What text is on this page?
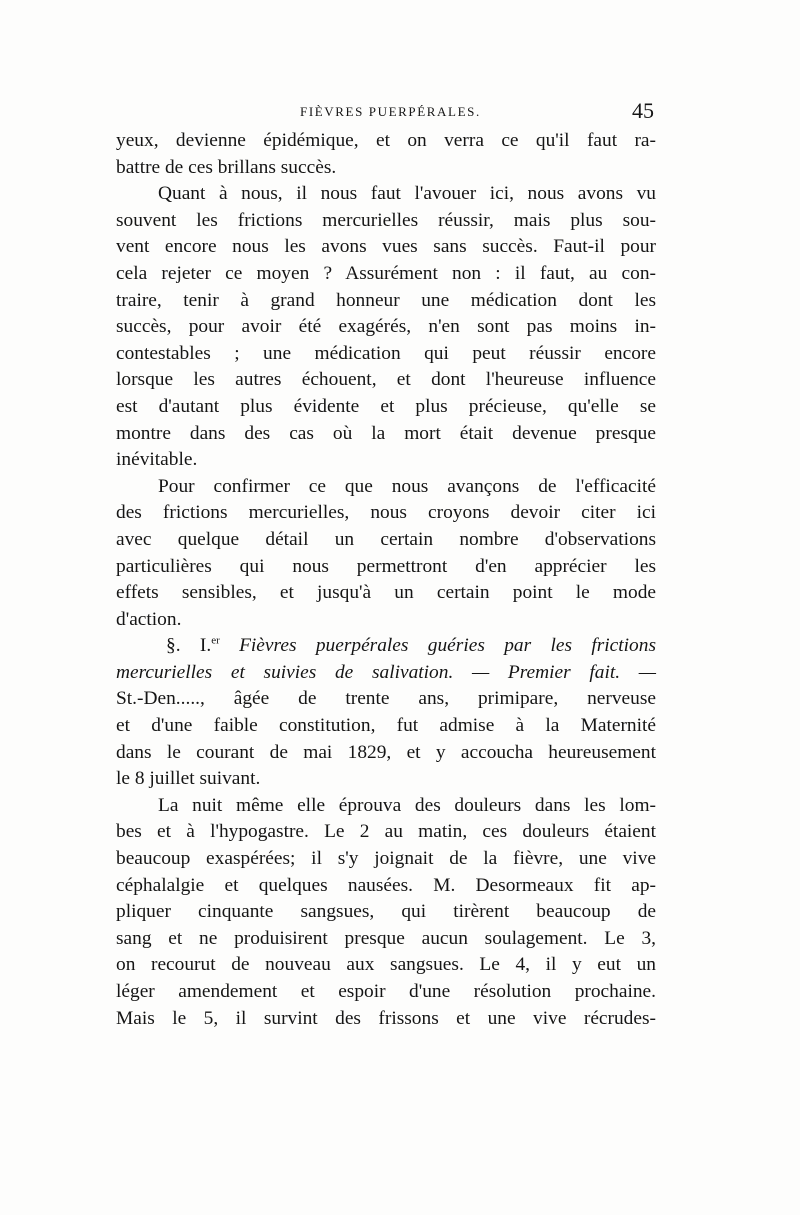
FIÈVRES PUERPÉRALES.	45
yeux, devienne épidémique, et on verra ce qu'il faut ra-
battre de ces brillans succès.
Quant à nous, il nous faut l'avouer ici, nous avons vu
souvent les frictions mercurielles réussir, mais plus sou-
vent encore nous les avons vues sans succès. Faut-il pour
cela rejeter ce moyen ? Assurément non : il faut, au con-
traire, tenir à grand honneur une médication dont les
succès, pour avoir été exagérés, n'en sont pas moins in-
contestables ; une médication qui peut réussir encore
lorsque les autres échouent, et dont l'heureuse influence
est d'autant plus évidente et plus précieuse, qu'elle se
montre dans des cas où la mort était devenue presque
inévitable.
Pour confirmer ce que nous avançons de l'efficacité
des frictions mercurielles, nous croyons devoir citer ici
avec quelque détail un certain nombre d'observations
particulières qui nous permettront d'en apprécier les
effets sensibles, et jusqu'à un certain point le mode
d'action.
§. I.$^{er}$ Fièvres puerpérales guéries par les frictions
mercurielles et suivies de salivation. — Premier fait. —
St.-Den....., âgée de trente ans, primipare, nerveuse
et d'une faible constitution, fut admise à la Maternité
dans le courant de mai 1829, et y accoucha heureusement
le 8 juillet suivant.
La nuit même elle éprouva des douleurs dans les lom-
bes et à l'hypogastre. Le 2 au matin, ces douleurs étaient
beaucoup exaspérées; il s'y joignait de la fièvre, une vive
céphalalgie et quelques nausées. M. Desormeaux fit ap-
pliquer cinquante sangsues, qui tirèrent beaucoup de
sang et ne produisirent presque aucun soulagement. Le 3,
on recourut de nouveau aux sangsues. Le 4, il y eut un
léger amendement et espoir d'une résolution prochaine.
Mais le 5, il survint des frissons et une vive récrudes-
